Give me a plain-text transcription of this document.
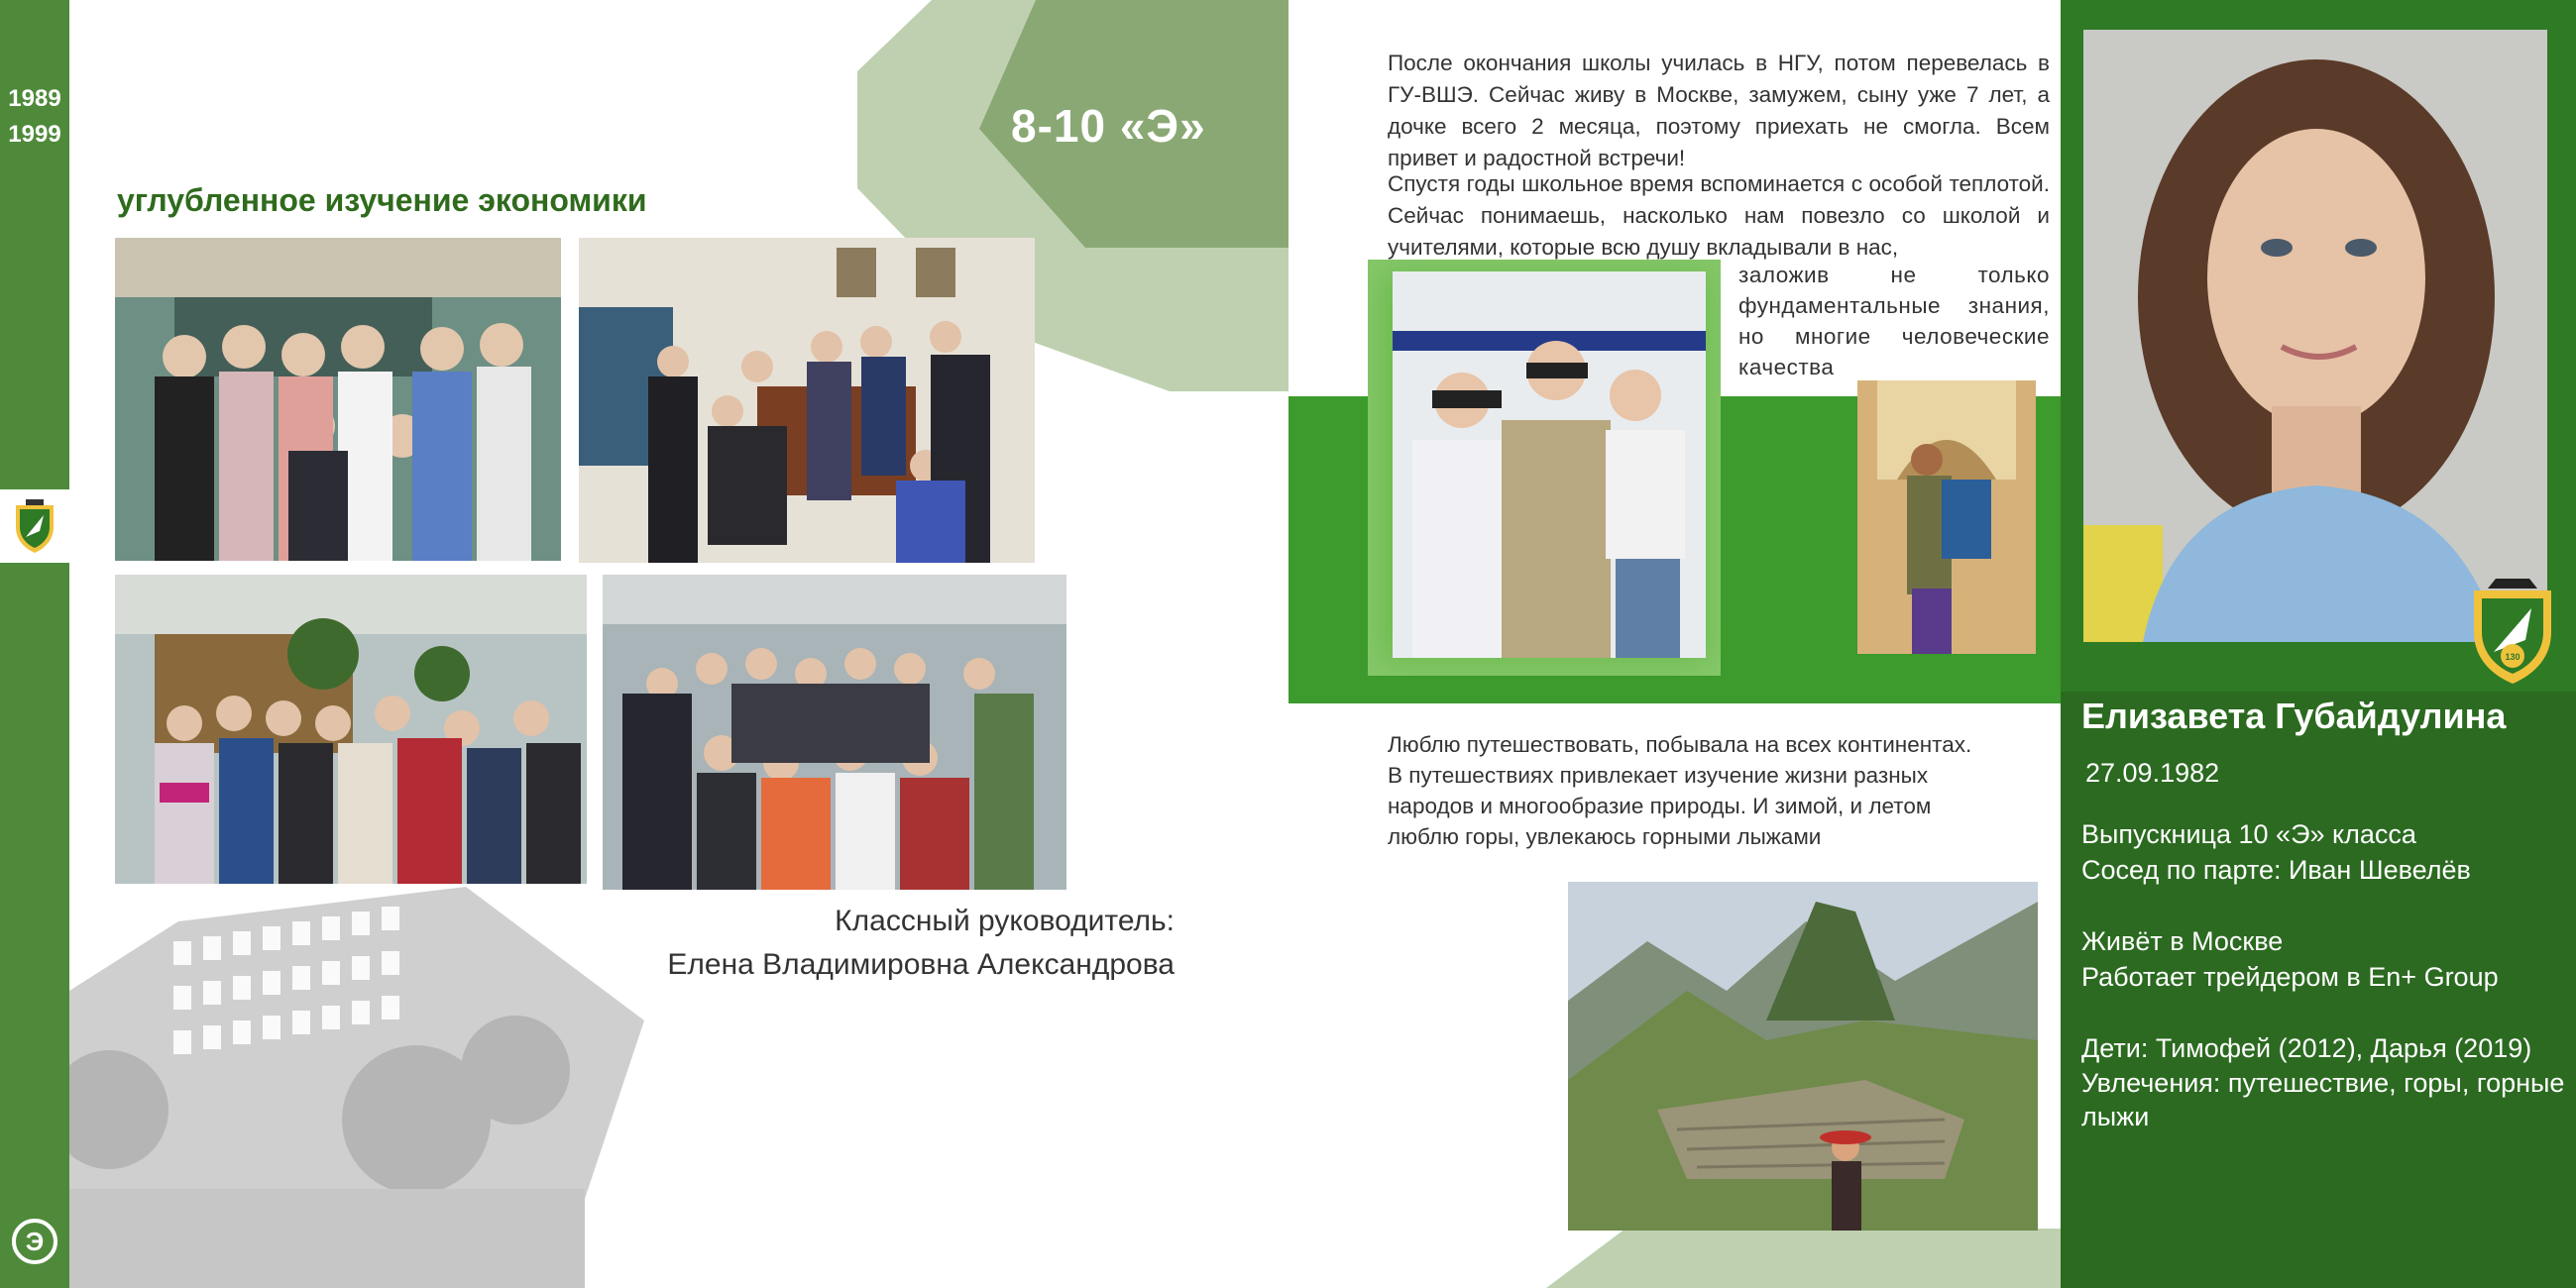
1989
1999
Э
8-10 «Э»
углубленное изучение экономики
Классный руководитель:
Елена Владимировна Александрова
После окончания школы училась в НГУ, потом перевелась в ГУ-ВШЭ. Сейчас живу в Москве, замужем, сыну уже 7 лет, а дочке всего 2 месяца, поэтому приехать не смогла. Всем привет и радостной встречи!
Спустя годы школьное время вспоминается с особой теплотой. Сейчас понимаешь, насколько нам повезло со школой и учителями, которые всю душу вкладывали в нас,
заложив не только фундаментальные знания, но многие человеческие качества
Люблю путешествовать, побывала на всех континентах.
В путешествиях привлекает изучение жизни разных
народов и многообразие природы. И зимой, и летом
люблю горы, увлекаюсь горными лыжами
130
Елизавета Губайдулина
27.09.1982
Выпускница 10 «Э» класса
Сосед по парте: Иван Шевелёв
Живёт в Москве
Работает трейдером в En+ Group
Дети: Тимофей (2012), Дарья (2019)
Увлечения: путешествие, горы, горные
лыжи
